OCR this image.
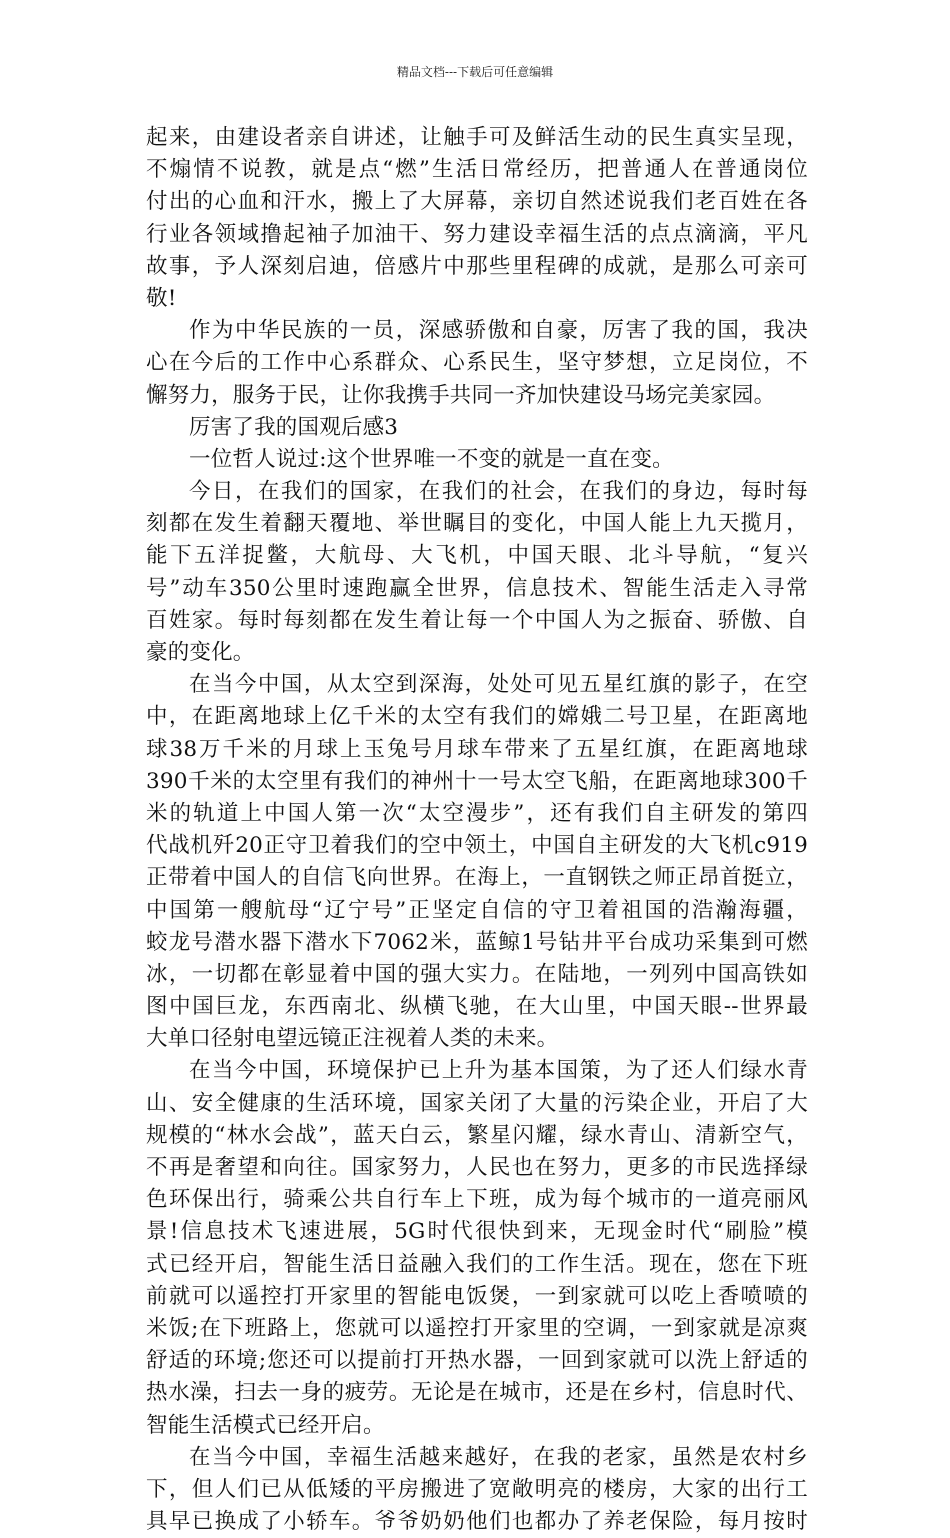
精品文档---下载后可任意编辑
起来，由建设者亲自讲述，让触手可及鲜活生动的民生真实呈现，
不煽情不说教，就是点“燃”生活日常经历，把普通人在普通岗位
付出的心血和汗水，搬上了大屏幕，亲切自然述说我们老百姓在各
行业各领域撸起袖子加油干、努力建设幸福生活的点点滴滴，平凡
故事，予人深刻启迪，倍感片中那些里程碑的成就，是那么可亲可
敬!
作为中华民族的一员，深感骄傲和自豪，厉害了我的国，我决
心在今后的工作中心系群众、心系民生，坚守梦想，立足岗位，不
懈努力，服务于民，让你我携手共同一齐加快建设马场完美家园。
厉害了我的国观后感3
一位哲人说过:这个世界唯一不变的就是一直在变。
今日，在我们的国家，在我们的社会，在我们的身边，每时每
刻都在发生着翻天覆地、举世瞩目的变化，中国人能上九天揽月，
能下五洋捉鳖，大航母、大飞机，中国天眼、北斗导航，“复兴
号”动车350公里时速跑赢全世界，信息技术、智能生活走入寻常
百姓家。每时每刻都在发生着让每一个中国人为之振奋、骄傲、自
豪的变化。
在当今中国，从太空到深海，处处可见五星红旗的影子，在空
中，在距离地球上亿千米的太空有我们的嫦娥二号卫星，在距离地
球38万千米的月球上玉兔号月球车带来了五星红旗，在距离地球
390千米的太空里有我们的神州十一号太空飞船，在距离地球300千
米的轨道上中国人第一次“太空漫步”，还有我们自主研发的第四
代战机歼20正守卫着我们的空中领土，中国自主研发的大飞机c919
正带着中国人的自信飞向世界。在海上，一直钢铁之师正昂首挺立，
中国第一艘航母“辽宁号”正坚定自信的守卫着祖国的浩瀚海疆，
蛟龙号潜水器下潜水下7062米，蓝鲸1号钻井平台成功采集到可燃
冰，一切都在彰显着中国的强大实力。在陆地，一列列中国高铁如
图中国巨龙，东西南北、纵横飞驰，在大山里，中国天眼--世界最
大单口径射电望远镜正注视着人类的未来。
在当今中国，环境保护已上升为基本国策，为了还人们绿水青
山、安全健康的生活环境，国家关闭了大量的污染企业，开启了大
规模的“林水会战”，蓝天白云，繁星闪耀，绿水青山、清新空气，
不再是奢望和向往。国家努力，人民也在努力，更多的市民选择绿
色环保出行，骑乘公共自行车上下班，成为每个城市的一道亮丽风
景!信息技术飞速进展，5G时代很快到来，无现金时代“刷脸”模
式已经开启，智能生活日益融入我们的工作生活。现在，您在下班
前就可以遥控打开家里的智能电饭煲，一到家就可以吃上香喷喷的
米饭;在下班路上，您就可以遥控打开家里的空调，一到家就是凉爽
舒适的环境;您还可以提前打开热水器，一回到家就可以洗上舒适的
热水澡，扫去一身的疲劳。无论是在城市，还是在乡村，信息时代、
智能生活模式已经开启。
在当今中国，幸福生活越来越好，在我的老家，虽然是农村乡
下，但人们已从低矮的平房搬进了宽敞明亮的楼房，大家的出行工
具早已换成了小轿车。爷爷奶奶他们也都办了养老保险，每月按时
